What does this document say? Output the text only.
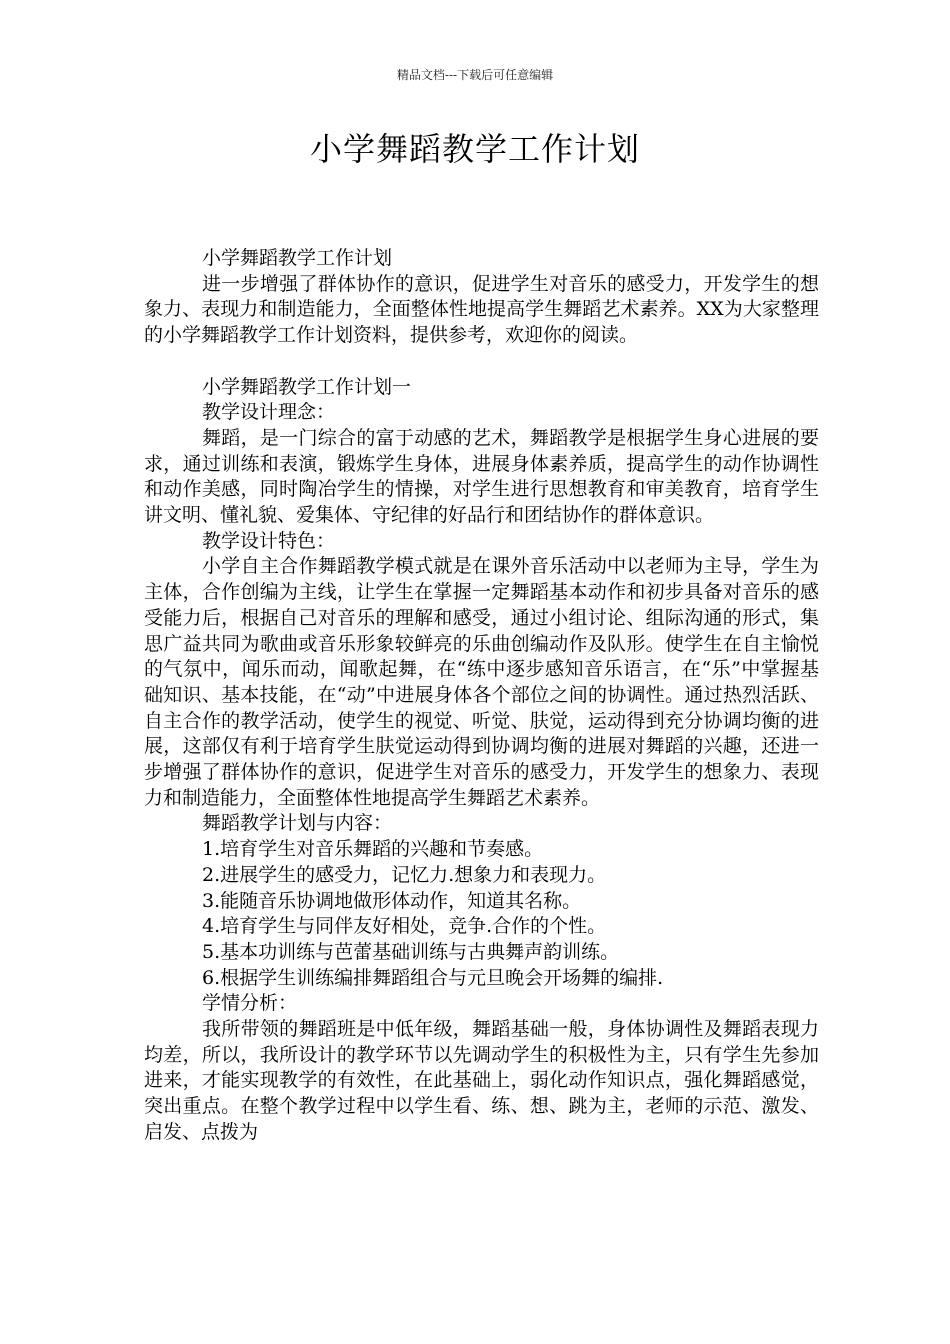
精品文档---下载后可任意编辑
小学舞蹈教学工作计划

小学舞蹈教学工作计划

进一步增强了群体协作的意识，促进学生对音乐的感受力，开发学生的想象力、表现力和制造能力，全面整体性地提高学生舞蹈艺术素养。XX为大家整理的小学舞蹈教学工作计划资料，提供参考，欢迎你的阅读。

小学舞蹈教学工作计划一

教学设计理念：

舞蹈，是一门综合的富于动感的艺术，舞蹈教学是根据学生身心进展的要求，通过训练和表演，锻炼学生身体，进展身体素养质，提高学生的动作协调性和动作美感，同时陶冶学生的情操，对学生进行思想教育和审美教育，培育学生讲文明、懂礼貌、爱集体、守纪律的好品行和团结协作的群体意识。

教学设计特色：

小学自主合作舞蹈教学模式就是在课外音乐活动中以老师为主导，学生为主体，合作创编为主线，让学生在掌握一定舞蹈基本动作和初步具备对音乐的感受能力后，根据自己对音乐的理解和感受，通过小组讨论、组际沟通的形式，集思广益共同为歌曲或音乐形象较鲜亮的乐曲创编动作及队形。使学生在自主愉悦的气氛中，闻乐而动，闻歌起舞，在“练中逐步感知音乐语言，在“乐”中掌握基础知识、基本技能，在“动”中进展身体各个部位之间的协调性。通过热烈活跃、自主合作的教学活动，使学生的视觉、听觉、肤觉，运动得到充分协调均衡的进展，这部仅有利于培育学生肤觉运动得到协调均衡的进展对舞蹈的兴趣，还进一步增强了群体协作的意识，促进学生对音乐的感受力，开发学生的想象力、表现力和制造能力，全面整体性地提高学生舞蹈艺术素养。

舞蹈教学计划与内容：

1.培育学生对音乐舞蹈的兴趣和节奏感。

2.进展学生的感受力，记忆力.想象力和表现力。

3.能随音乐协调地做形体动作，知道其名称。

4.培育学生与同伴友好相处，竞争.合作的个性。

5.基本功训练与芭蕾基础训练与古典舞声韵训练。

6.根据学生训练编排舞蹈组合与元旦晚会开场舞的编排.

学情分析：

我所带领的舞蹈班是中低年级，舞蹈基础一般，身体协调性及舞蹈表现力均差，所以，我所设计的教学环节以先调动学生的积极性为主，只有学生先参加进来，才能实现教学的有效性，在此基础上，弱化动作知识点，强化舞蹈感觉，突出重点。在整个教学过程中以学生看、练、想、跳为主，老师的示范、激发、启发、点拨为
